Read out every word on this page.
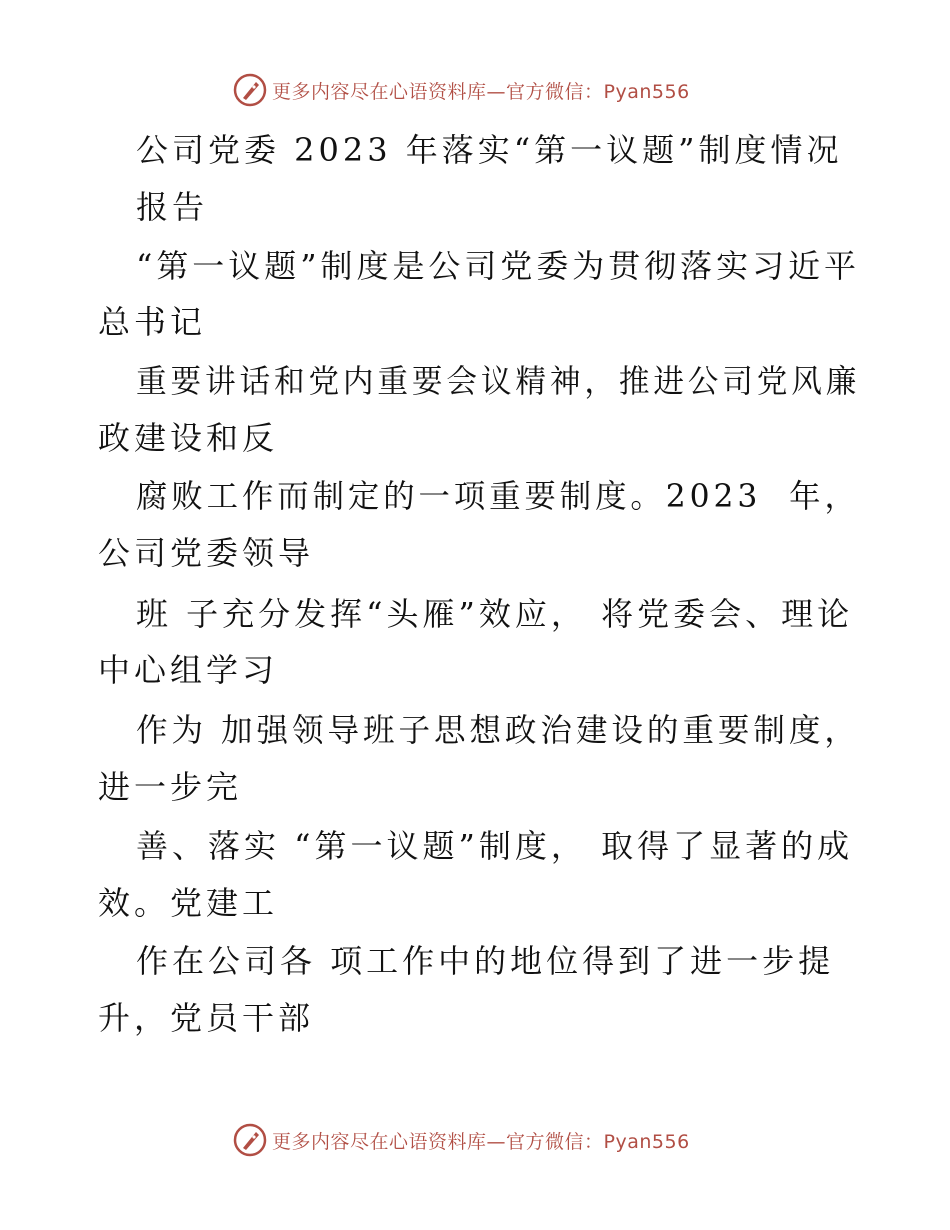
更多内容尽在心语资料库—官方微信：Pyan556
公司党委 2023 年落实“第一议题”制度情况
报告
“第一议题”制度是公司党委为贯彻落实习近平
总书记
重要讲话和党内重要会议精神，推进公司党风廉
政建设和反
腐败工作而制定的一项重要制度。2023  年，
公司党委领导
班 子充分发挥“头雁”效应， 将党委会、理论
中心组学习
作为 加强领导班子思想政治建设的重要制度，
进一步完
善、落实 “第一议题”制度， 取得了显著的成
效。党建工
作在公司各 项工作中的地位得到了进一步提
升，党员干部
更多内容尽在心语资料库—官方微信：Pyan556
